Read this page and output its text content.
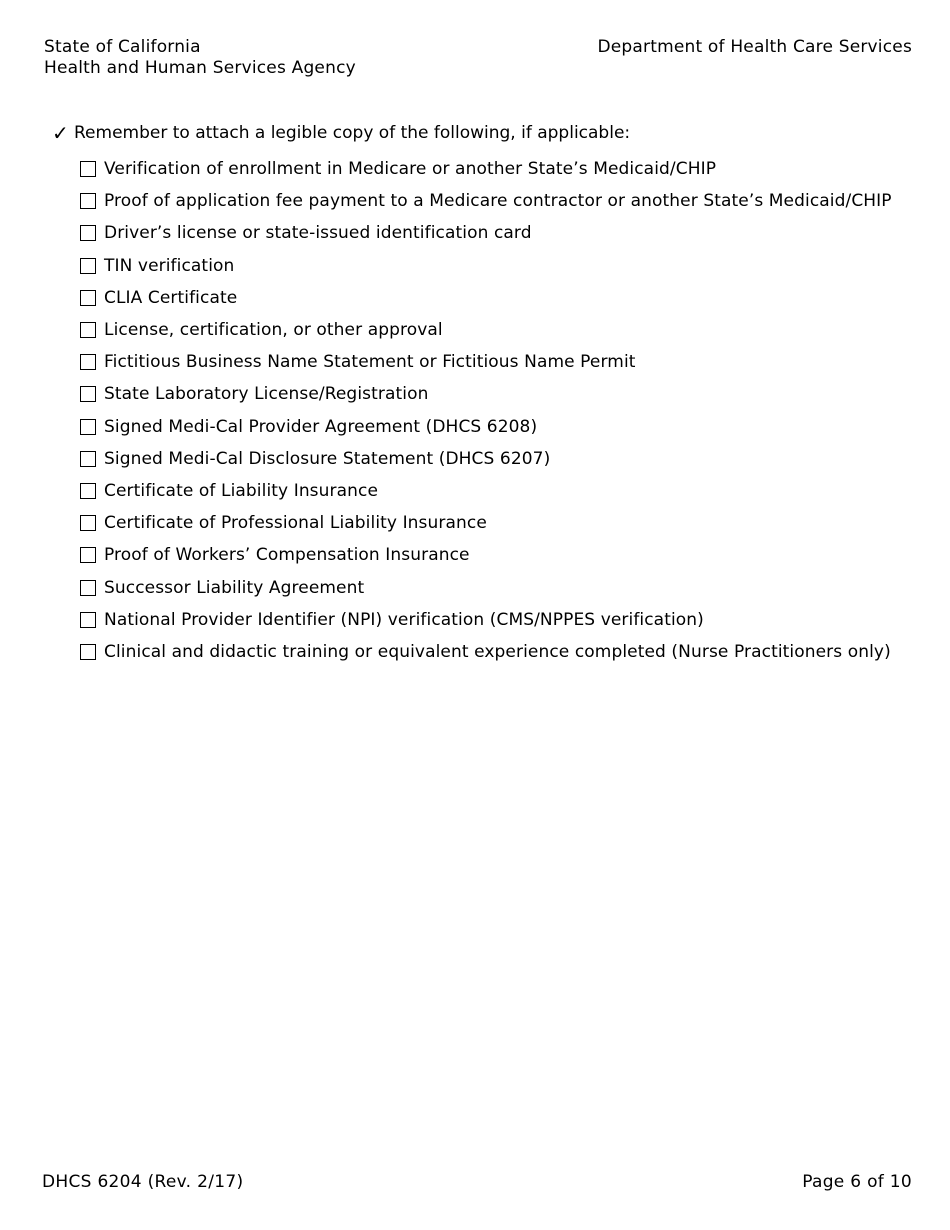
State of California
Health and Human Services Agency
Department of Health Care Services
✓ Remember to attach a legible copy of the following, if applicable:
Verification of enrollment in Medicare or another State’s Medicaid/CHIP
Proof of application fee payment to a Medicare contractor or another State’s Medicaid/CHIP
Driver’s license or state-issued identification card
TIN verification
CLIA Certificate
License, certification, or other approval
Fictitious Business Name Statement or Fictitious Name Permit
State Laboratory License/Registration
Signed Medi-Cal Provider Agreement (DHCS 6208)
Signed Medi-Cal Disclosure Statement (DHCS 6207)
Certificate of Liability Insurance
Certificate of Professional Liability Insurance
Proof of Workers’ Compensation Insurance
Successor Liability Agreement
National Provider Identifier (NPI) verification (CMS/NPPES verification)
Clinical and didactic training or equivalent experience completed (Nurse Practitioners only)
DHCS 6204 (Rev. 2/17)	Page 6 of 10
